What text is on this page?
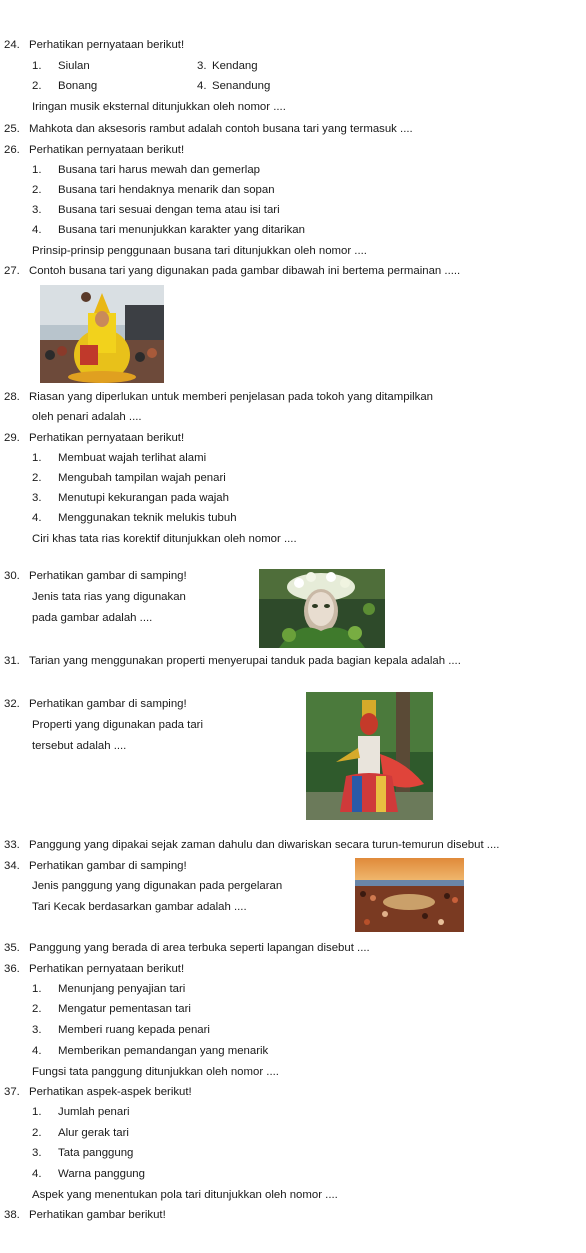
24. Perhatikan pernyataan berikut!
1. Siulan	3. Kendang
2. Bonang	4. Senandung
Iringan musik eksternal ditunjukkan oleh nomor ....
25. Mahkota dan aksesoris rambut adalah contoh busana tari yang termasuk ....
26. Perhatikan pernyataan berikut!
1. Busana tari harus mewah dan gemerlap
2. Busana tari hendaknya menarik dan sopan
3. Busana tari sesuai dengan tema atau isi tari
4. Busana tari menunjukkan karakter yang ditarikan
Prinsip-prinsip penggunaan busana tari ditunjukkan oleh nomor ....
27. Contoh busana tari yang digunakan pada gambar dibawah ini bertema permainan .....
28. Riasan yang diperlukan untuk memberi penjelasan pada tokoh yang ditampilkan
oleh penari adalah ....
29. Perhatikan pernyataan berikut!
1. Membuat wajah terlihat alami
2. Mengubah tampilan wajah penari
3. Menutupi kekurangan pada wajah
4. Menggunakan teknik melukis tubuh
Ciri khas tata rias korektif ditunjukkan oleh nomor ....
30. Perhatikan gambar di samping!
Jenis tata rias yang digunakan
pada gambar adalah ....
31. Tarian yang menggunakan properti menyerupai tanduk pada bagian kepala adalah ....
32. Perhatikan gambar di samping!
Properti yang digunakan pada tari
tersebut adalah ....
33. Panggung yang dipakai sejak zaman dahulu dan diwariskan secara turun-temurun disebut ....
34. Perhatikan gambar di samping!
Jenis panggung yang digunakan pada pergelaran
Tari Kecak berdasarkan gambar adalah ....
35. Panggung yang berada di area terbuka seperti lapangan disebut ....
36. Perhatikan pernyataan berikut!
1. Menunjang penyajian tari
2. Mengatur pementasan tari
3. Memberi ruang kepada penari
4. Memberikan pemandangan yang menarik
Fungsi tata panggung ditunjukkan oleh nomor ....
37. Perhatikan aspek-aspek berikut!
1. Jumlah penari
2. Alur gerak tari
3. Tata panggung
4. Warna panggung
Aspek yang menentukan pola tari ditunjukkan oleh nomor ....
38. Perhatikan gambar berikut!
